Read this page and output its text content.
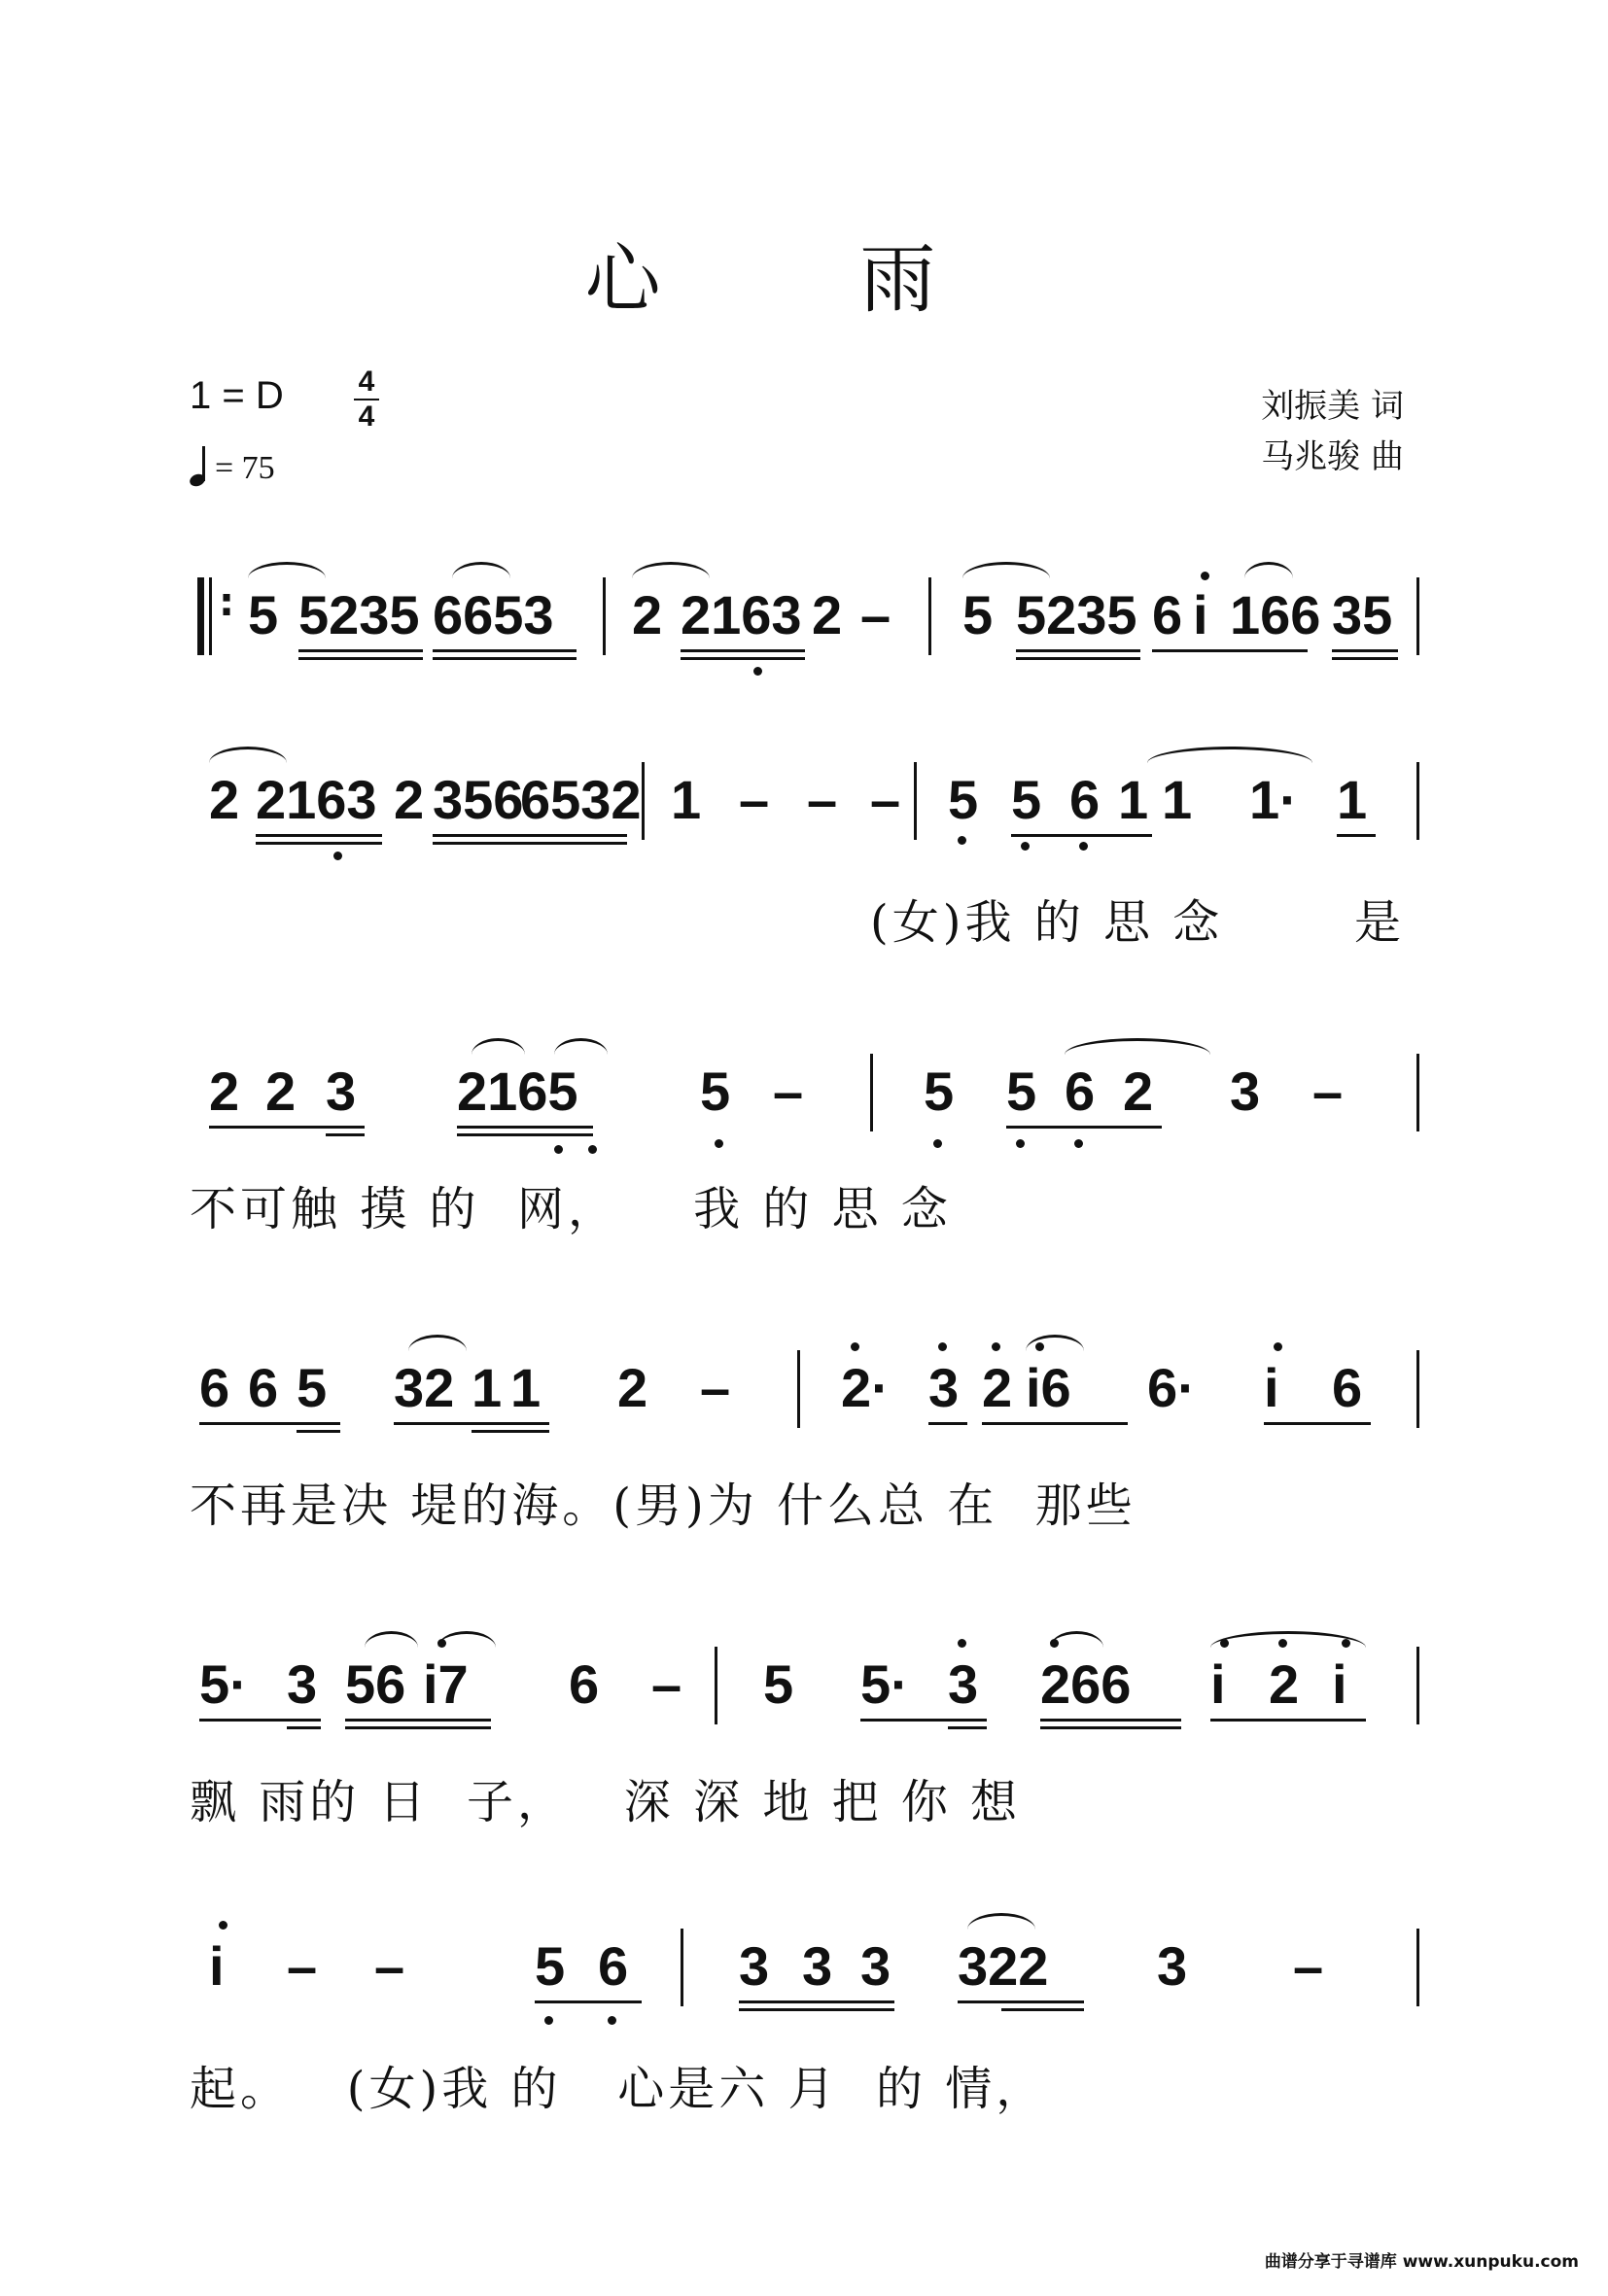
心 雨
1 = D	4
4
= 75
刘振美 词
马兆骏 曲
: 5 5235 6653 2 2163 2 – 5 5235 6 i 166 35
2 2163 2 356
6532 1 – – – 5 5 6 1 1 1· 1
(女)我 的 思 念       是
2 2 3 2165 5 – 5 5 6 2 3 –
不可触 摸 的  网，    我 的 思 念
6 6 5 32 1 1 2 – 2· 3 2 i6 6· i 6
不再是决 堤的海。(男)为 什么总 在  那些
5· 3 56 i7 6 – 5 5· 3 266 i 2 i
飘 雨的 日  子，   深 深 地 把 你 想
i – – 5 6 3 3 3 322 3 –
起。   (女)我 的   心是六 月  的 情，
曲谱分享于寻谱库 www.xunpuku.com
